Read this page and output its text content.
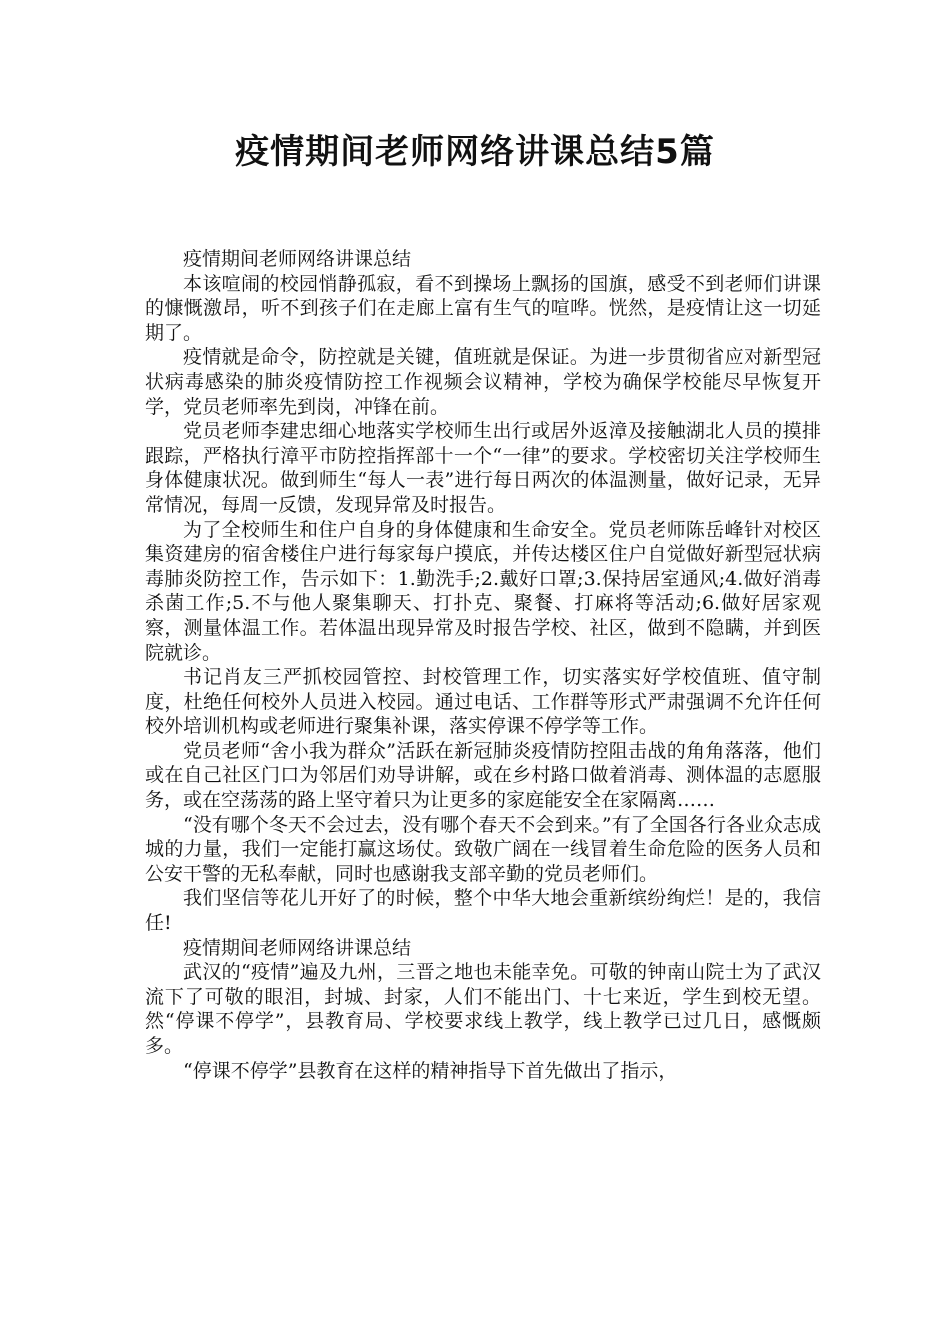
疫情期间老师网络讲课总结5篇

疫情期间老师网络讲课总结

本该喧闹的校园悄静孤寂，看不到操场上飘扬的国旗，感受不到老师们讲课的慷慨激昂，听不到孩子们在走廊上富有生气的喧哗。恍然，是疫情让这一切延期了。

疫情就是命令，防控就是关键，值班就是保证。为进一步贯彻省应对新型冠状病毒感染的肺炎疫情防控工作视频会议精神，学校为确保学校能尽早恢复开学，党员老师率先到岗，冲锋在前。

党员老师李建忠细心地落实学校师生出行或居外返漳及接触湖北人员的摸排跟踪，严格执行漳平市防控指挥部十一个“一律”的要求。学校密切关注学校师生身体健康状况。做到师生“每人一表”进行每日两次的体温测量，做好记录，无异常情况，每周一反馈，发现异常及时报告。

为了全校师生和住户自身的身体健康和生命安全。党员老师陈岳峰针对校区集资建房的宿舍楼住户进行每家每户摸底，并传达楼区住户自觉做好新型冠状病毒肺炎防控工作，告示如下：1.勤洗手;2.戴好口罩;3.保持居室通风;4.做好消毒杀菌工作;5.不与他人聚集聊天、打扑克、聚餐、打麻将等活动;6.做好居家观察，测量体温工作。若体温出现异常及时报告学校、社区，做到不隐瞒，并到医院就诊。

书记肖友三严抓校园管控、封校管理工作，切实落实好学校值班、值守制度，杜绝任何校外人员进入校园。通过电话、工作群等形式严肃强调不允许任何校外培训机构或老师进行聚集补课，落实停课不停学等工作。

党员老师“舍小我为群众”活跃在新冠肺炎疫情防控阻击战的角角落落，他们或在自己社区门口为邻居们劝导讲解，或在乡村路口做着消毒、测体温的志愿服务，或在空荡荡的路上坚守着只为让更多的家庭能安全在家隔离……

“没有哪个冬天不会过去，没有哪个春天不会到来。”有了全国各行各业众志成城的力量，我们一定能打赢这场仗。致敬广阔在一线冒着生命危险的医务人员和公安干警的无私奉献，同时也感谢我支部辛勤的党员老师们。

我们坚信等花儿开好了的时候，整个中华大地会重新缤纷绚烂！是的，我信任!

疫情期间老师网络讲课总结

武汉的“疫情”遍及九州，三晋之地也未能幸免。可敬的钟南山院士为了武汉流下了可敬的眼泪，封城、封家，人们不能出门、十七来近，学生到校无望。然“停课不停学”，县教育局、学校要求线上教学，线上教学已过几日，感慨颇多。

“停课不停学”县教育在这样的精神指导下首先做出了指示，
